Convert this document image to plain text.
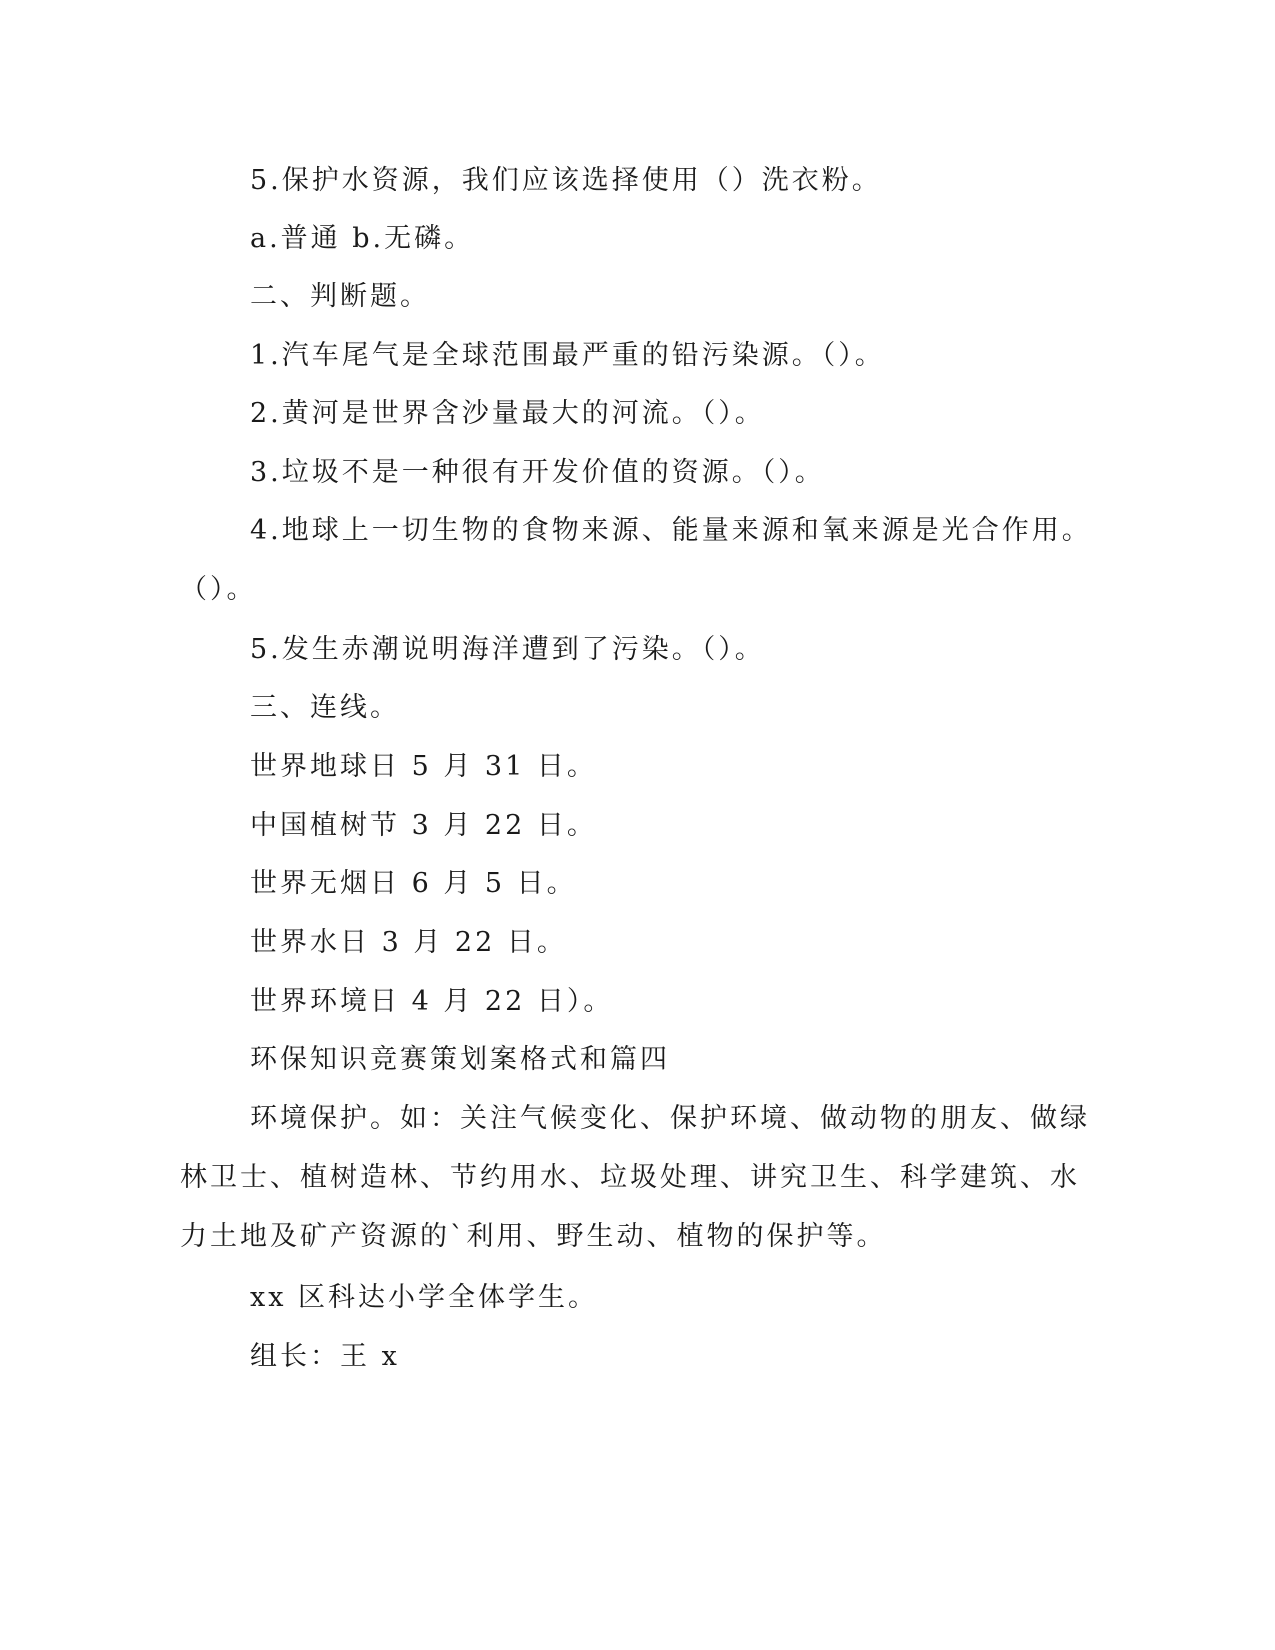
5.保护水资源，我们应该选择使用（）洗衣粉。
a.普通 b.无磷。
二、判断题。
1.汽车尾气是全球范围最严重的铅污染源。（）。
2.黄河是世界含沙量最大的河流。（）。
3.垃圾不是一种很有开发价值的资源。（）。
4.地球上一切生物的食物来源、能量来源和氧来源是光合作用。
（）。
5.发生赤潮说明海洋遭到了污染。（）。
三、连线。
世界地球日 5 月 31 日。
中国植树节 3 月 22 日。
世界无烟日 6 月 5 日。
世界水日 3 月 22 日。
世界环境日 4 月 22 日）。
环保知识竞赛策划案格式和篇四
环境保护。如：关注气候变化、保护环境、做动物的朋友、做绿
林卫士、植树造林、节约用水、垃圾处理、讲究卫生、科学建筑、水
力土地及矿产资源的`利用、野生动、植物的保护等。
xx 区科达小学全体学生。
组长：王 x
